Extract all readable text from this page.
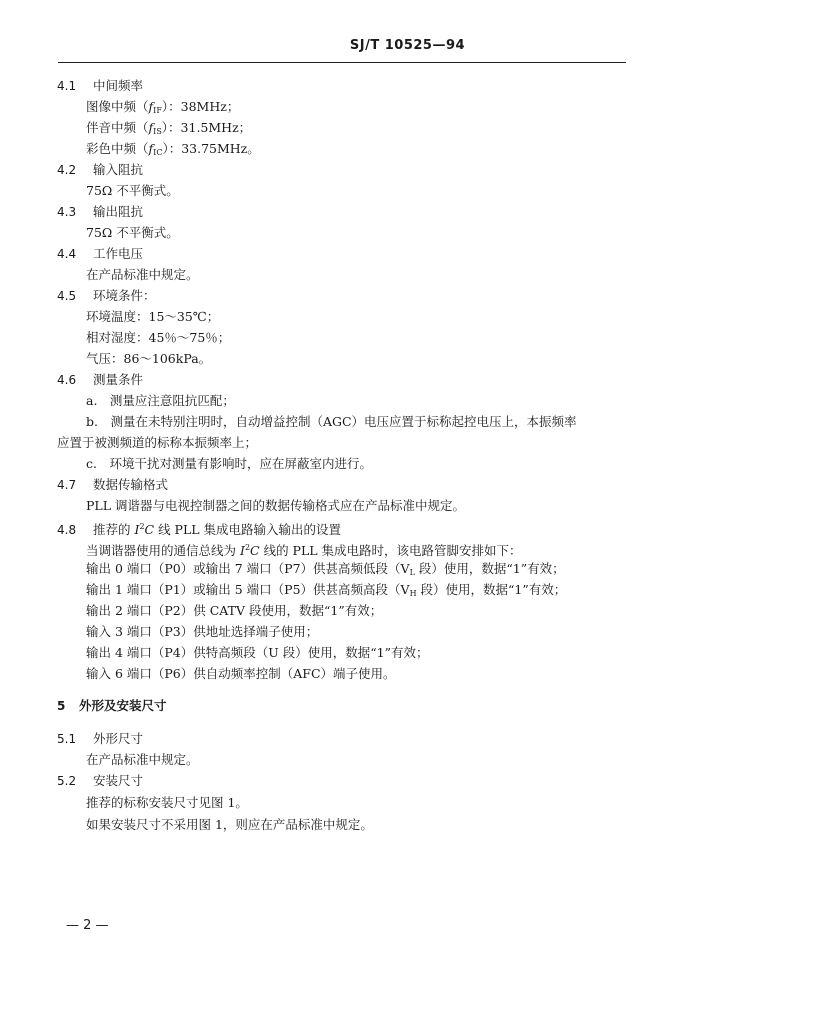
SJ/T 10525—94
4.1 中间频率
图像中频$(f_{IF})$：38MHz；
伴音中频$(f_{IS})$：31.5MHz；
彩色中频$(f_{IC})$：33.75MHz。
4.2 输入阻抗
75Ω 不平衡式。
4.3 输出阻抗
75Ω 不平衡式。
4.4 工作电压
在产品标准中规定。
4.5 环境条件：
环境温度：15～35℃；
相对湿度：45％～75％；
气压：86～106kPa。
4.6 测量条件
a.　测量应注意阻抗匹配；
b.　测量在未特别注明时，自动增益控制（AGC）电压应置于标称起控电压上，本振频率
应置于被测频道的标称本振频率上；
c.　环境干扰对测量有影响时，应在屏蔽室内进行。
4.7 数据传输格式
PLL 调谐器与电视控制器之间的数据传输格式应在产品标准中规定。
4.8 推荐的 $I^2C$ 线 PLL 集成电路输入输出的设置
当调谐器使用的通信总线为 $I^2C$ 线的 PLL 集成电路时，该电路管脚安排如下：
输出 0 端口（P0）或输出 7 端口（P7）供甚高频低段（$V_L$ 段）使用，数据“1”有效；
输出 1 端口（P1）或输出 5 端口（P5）供甚高频高段（$V_H$ 段）使用，数据“1”有效；
输出 2 端口（P2）供 CATV 段使用，数据“1”有效；
输入 3 端口（P3）供地址选择端子使用；
输出 4 端口（P4）供特高频段（U 段）使用，数据“1”有效；
输入 6 端口（P6）供自动频率控制（AFC）端子使用。
5 外形及安装尺寸
5.1 外形尺寸
在产品标准中规定。
5.2 安装尺寸
推荐的标称安装尺寸见图 1。
如果安装尺寸不采用图 1，则应在产品标准中规定。
— 2 —
